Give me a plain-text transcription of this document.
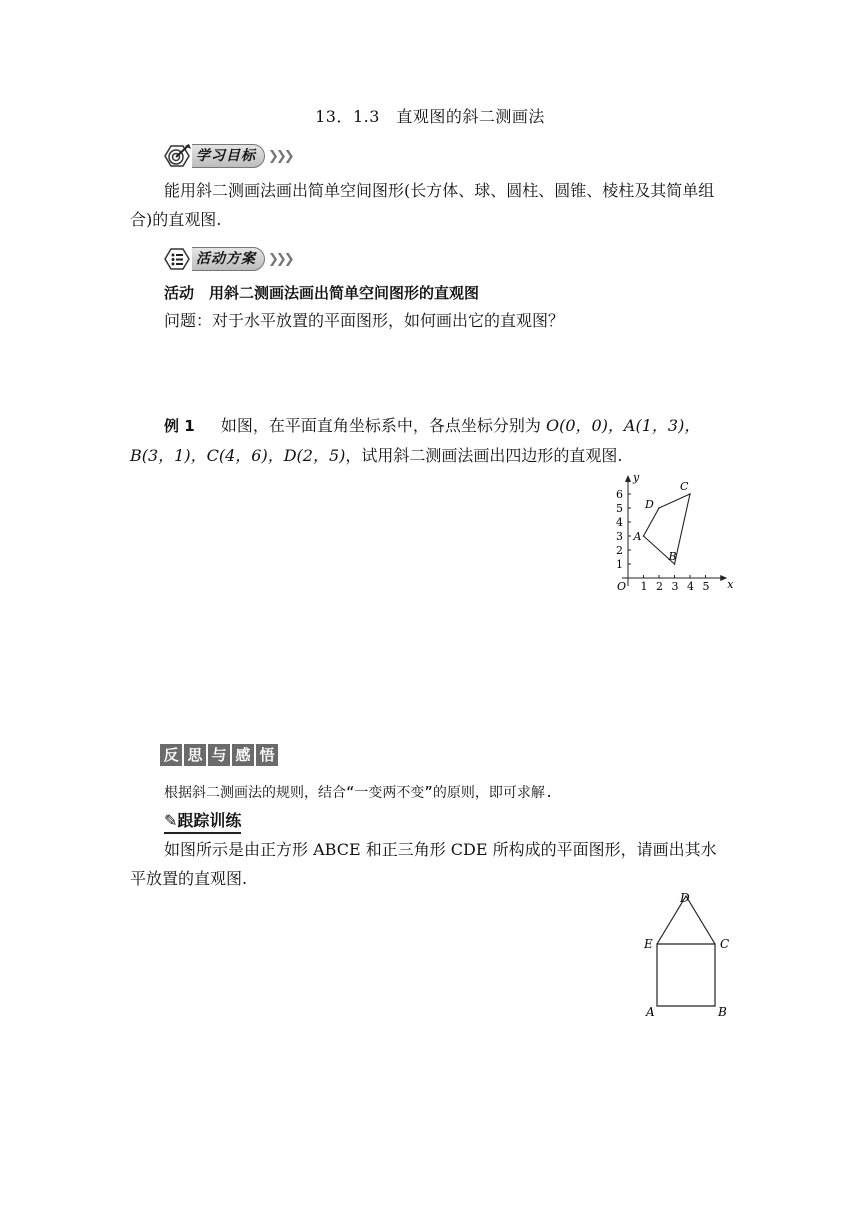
13．1.3　直观图的斜二测画法
学习目标 ❯❯❯
能用斜二测画法画出简单空间图形(长方体、球、圆柱、圆锥、棱柱及其简单组合)的直观图.
活动方案 ❯❯❯
活动　用斜二测画法画出简单空间图形的直观图
问题：对于水平放置的平面图形，如何画出它的直观图？
例 1 　 如图，在平面直角坐标系中，各点坐标分别为 O(0，0)，A(1，3)，B(3，1)，C(4，6)，D(2，5)，试用斜二测画法画出四边形的直观图.
x
y
O 1 2 3 4 5
1
2
3
4
5
6
A
B
C
D
反 思 与 感 悟
根据斜二测画法的规则，结合“一变两不变”的原则，即可求解.
✎跟踪训练
如图所示是由正方形 ABCE 和正三角形 CDE 所构成的平面图形，请画出其水平放置的直观图.
D
E	C
A	B
